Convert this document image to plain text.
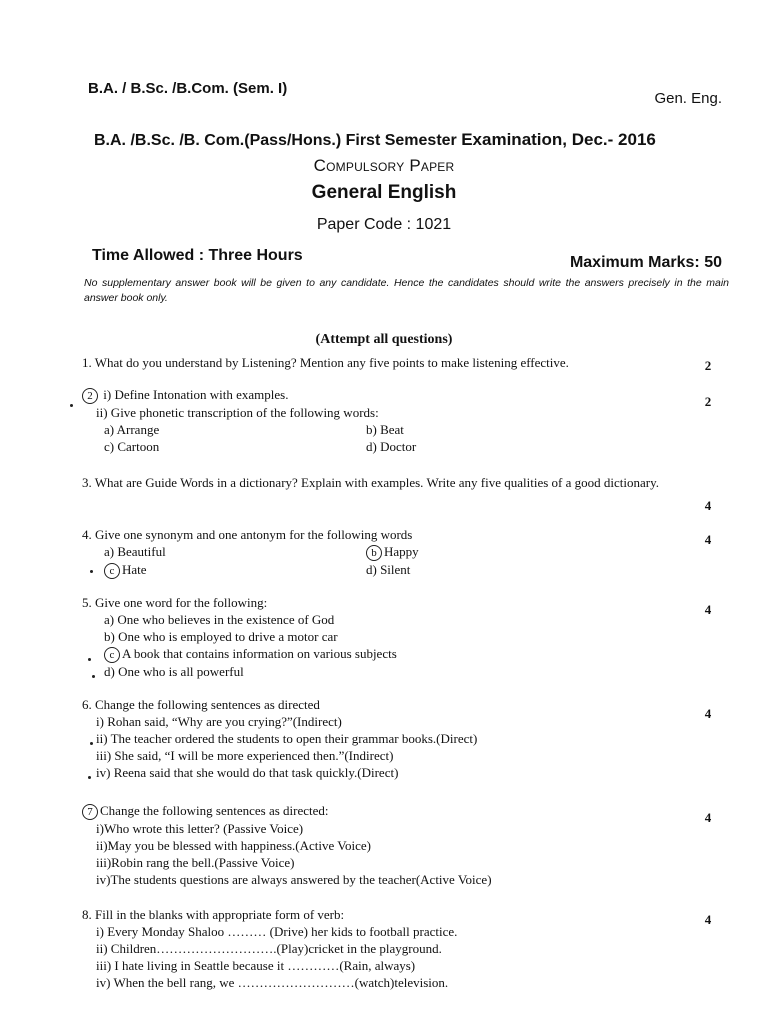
B.A. / B.Sc. /B.Com. (Sem. I)
Gen. Eng.
B.A. /B.Sc. /B. Com.(Pass/Hons.) First Semester Examination, Dec.- 2016
Compulsory Paper
General English
Paper Code : 1021
Time Allowed : Three Hours	Maximum Marks: 50
No supplementary answer book will be given to any candidate. Hence the candidates should write the answers precisely in the main answer book only.
(Attempt all questions)
1. What do you understand by Listening? Mention any five points to make listening effective.	2
2 i) Define Intonation with examples.
ii) Give phonetic transcription of the following words:
a) Arrange	b) Beat
c) Cartoon	d) Doctor
2
3. What are Guide Words in a dictionary? Explain with examples. Write any five qualities of a good dictionary.
4
4. Give one synonym and one antonym for the following words
a) Beautiful	b Happy
c Hate	d) Silent
4
5. Give one word for the following:
a) One who believes in the existence of God
b) One who is employed to drive a motor car
c A book that contains information on various subjects
d) One who is all powerful
4
6. Change the following sentences as directed
i) Rohan said, “Why are you crying?”(Indirect)
ii) The teacher ordered the students to open their grammar books.(Direct)
iii) She said, “I will be more experienced then.”(Indirect)
iv) Reena said that she would do that task quickly.(Direct)
4
7 Change the following sentences as directed:
i)Who wrote this letter? (Passive Voice)
ii)May you be blessed with happiness.(Active Voice)
iii)Robin rang the bell.(Passive Voice)
iv)The students questions are always answered by the teacher(Active Voice)
4
8. Fill in the blanks with appropriate form of verb:
i) Every Monday Shaloo ……… (Drive) her kids to football practice.
ii) Children……………………….(Play)cricket in the playground.
iii) I hate living in Seattle because it …………(Rain, always)
iv) When the bell rang, we ………………………(watch)television.
4
